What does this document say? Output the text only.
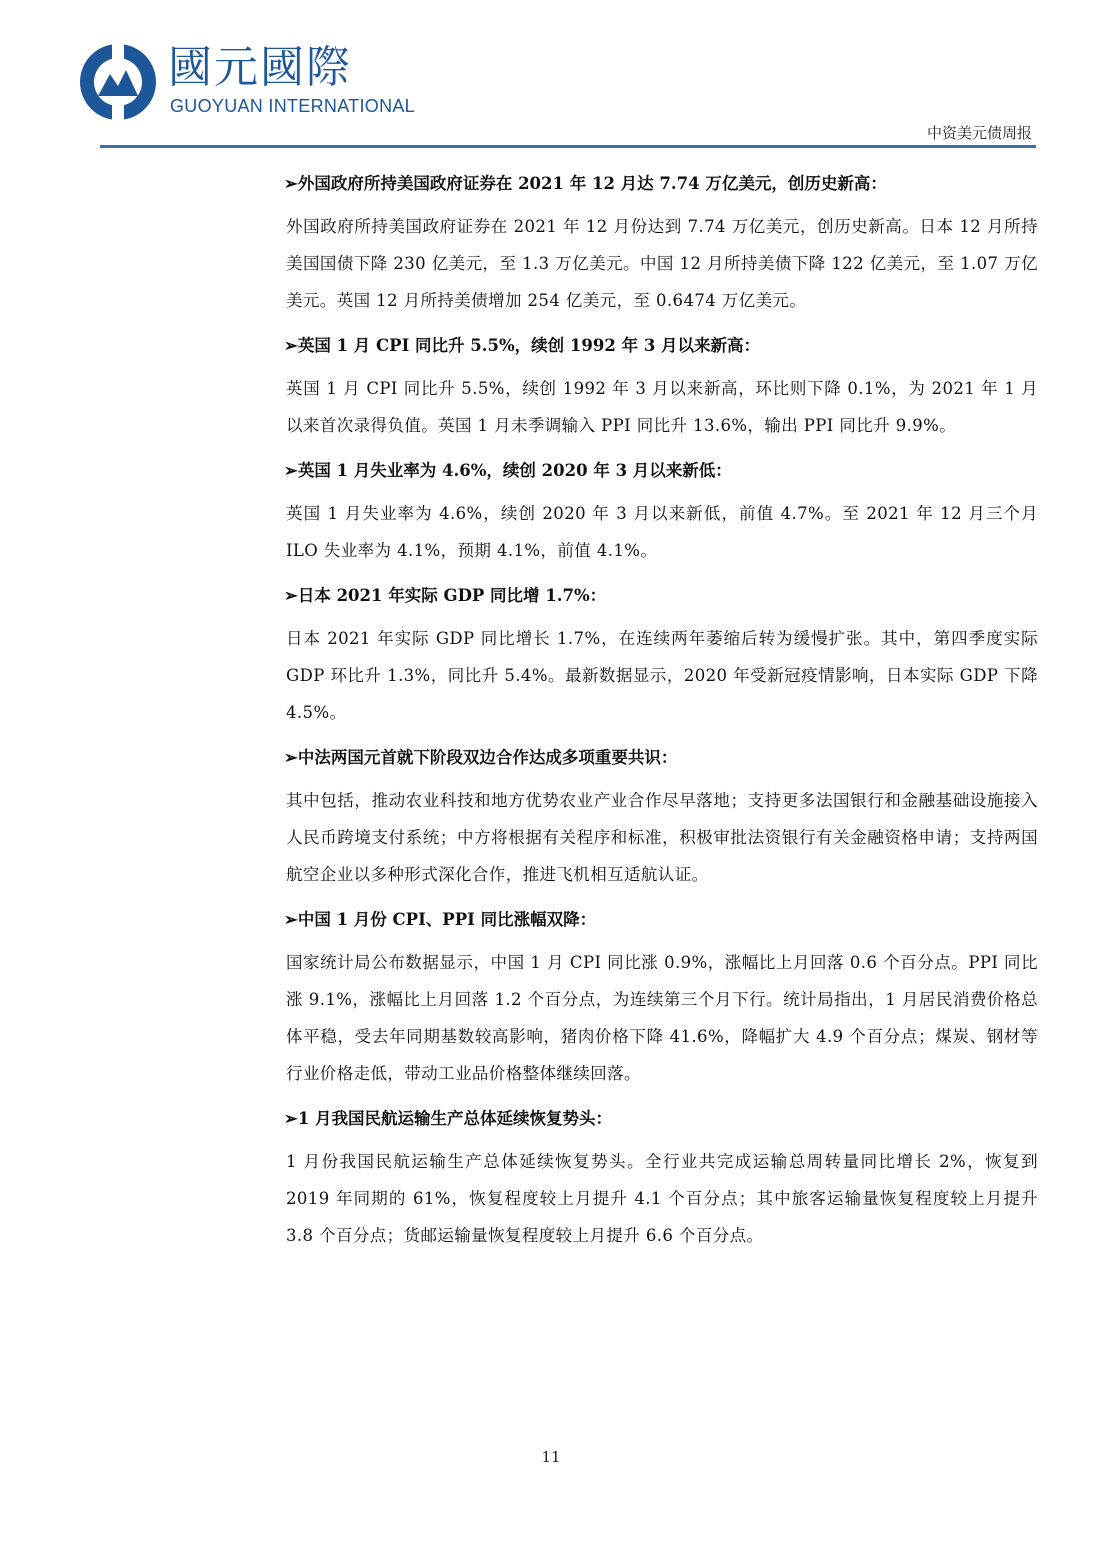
國元國際
GUOYUAN INTERNATIONAL
中资美元债周报
➢外国政府所持美国政府证券在 2021 年 12 月达 7.74 万亿美元，创历史新高：
外国政府所持美国政府证券在 2021 年 12 月份达到 7.74 万亿美元，创历史新高。日本 12 月所持美国国债下降 230 亿美元，至 1.3 万亿美元。中国 12 月所持美债下降 122 亿美元，至 1.07 万亿美元。英国 12 月所持美债增加 254 亿美元，至 0.6474 万亿美元。
➢英国 1 月 CPI 同比升 5.5%，续创 1992 年 3 月以来新高：
英国 1 月 CPI 同比升 5.5%，续创 1992 年 3 月以来新高，环比则下降 0.1%，为 2021 年 1 月以来首次录得负值。英国 1 月未季调输入 PPI 同比升 13.6%，输出 PPI 同比升 9.9%。
➢英国 1 月失业率为 4.6%，续创 2020 年 3 月以来新低：
英国 1 月失业率为 4.6%，续创 2020 年 3 月以来新低，前值 4.7%。至 2021 年 12 月三个月 ILO 失业率为 4.1%，预期 4.1%，前值 4.1%。
➢日本 2021 年实际 GDP 同比增 1.7%：
日本 2021 年实际 GDP 同比增长 1.7%，在连续两年萎缩后转为缓慢扩张。其中，第四季度实际 GDP 环比升 1.3%，同比升 5.4%。最新数据显示，2020 年受新冠疫情影响，日本实际 GDP 下降 4.5%。
➢中法两国元首就下阶段双边合作达成多项重要共识：
其中包括，推动农业科技和地方优势农业产业合作尽早落地；支持更多法国银行和金融基础设施接入人民币跨境支付系统；中方将根据有关程序和标准，积极审批法资银行有关金融资格申请；支持两国航空企业以多种形式深化合作，推进飞机相互适航认证。
➢中国 1 月份 CPI、PPI 同比涨幅双降：
国家统计局公布数据显示，中国 1 月 CPI 同比涨 0.9%，涨幅比上月回落 0.6 个百分点。PPI 同比涨 9.1%，涨幅比上月回落 1.2 个百分点，为连续第三个月下行。统计局指出，1 月居民消费价格总体平稳，受去年同期基数较高影响，猪肉价格下降 41.6%，降幅扩大 4.9 个百分点；煤炭、钢材等行业价格走低，带动工业品价格整体继续回落。
➢1 月我国民航运输生产总体延续恢复势头：
1 月份我国民航运输生产总体延续恢复势头。全行业共完成运输总周转量同比增长 2%，恢复到 2019 年同期的 61%，恢复程度较上月提升 4.1 个百分点；其中旅客运输量恢复程度较上月提升 3.8 个百分点；货邮运输量恢复程度较上月提升 6.6 个百分点。
11
